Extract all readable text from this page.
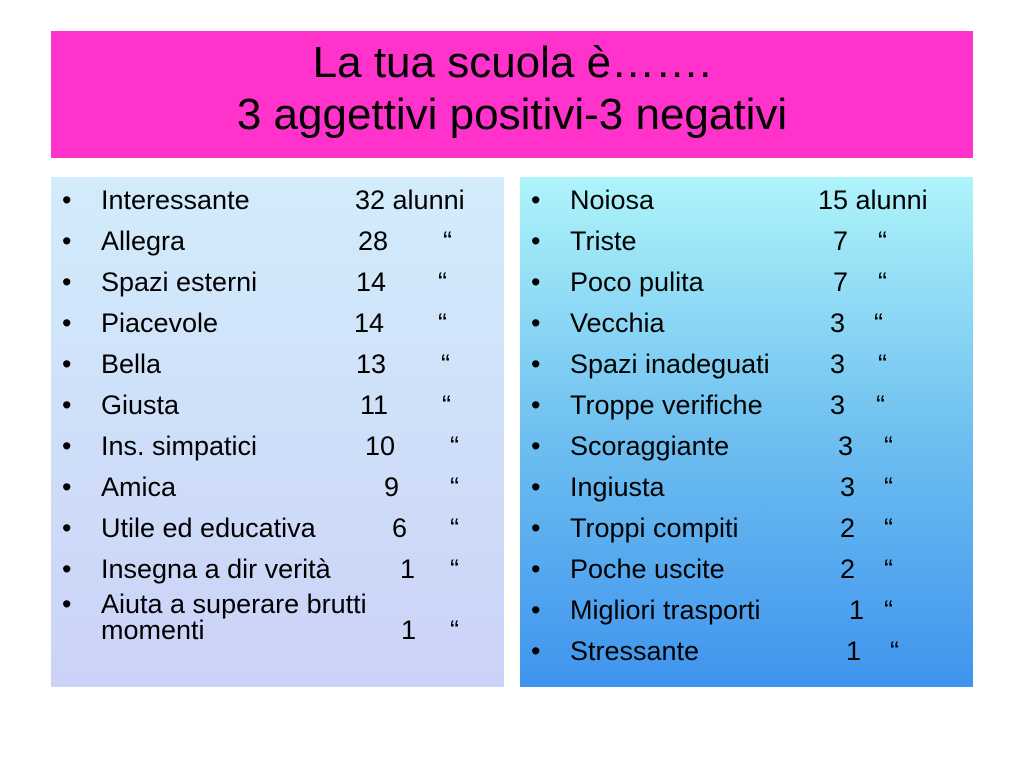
La tua scuola è…….

3 aggettivi positivi-3 negativi

• Interessante	32 alunni
• Allegra	28 “
• Spazi esterni	14 “
• Piacevole	14 “
• Bella	13 “
• Giusta	11 “
• Ins. simpatici	10 “
• Amica	9 “
• Utile ed educativa	6 “
• Insegna a dir verità	1 “
• Aiuta a superare brutti
momenti	1 “
• Noiosa	15 alunni
• Triste	7 “
• Poco pulita	7 “
• Vecchia	3 “
• Spazi inadeguati 3 “
• Troppe verifiche 3 “
• Scoraggiante	3 “
• Ingiusta	3 “
• Troppi compiti	2 “
• Poche uscite	2 “
• Migliori trasporti	1 “
• Stressante	1 “
